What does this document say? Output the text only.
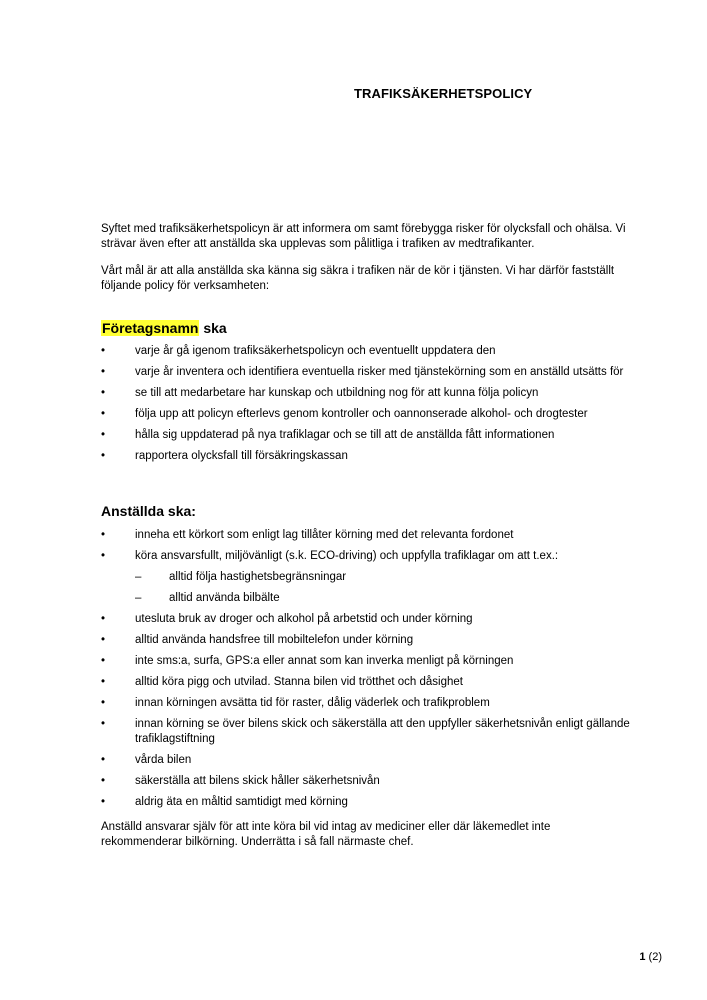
TRAFIKSÄKERHETSPOLICY

Syftet med trafiksäkerhetspolicyn är att informera om samt förebygga risker för olycksfall och ohälsa. Vi strävar även efter att anställda ska upplevas som pålitliga i trafiken av medtrafikanter.

Vårt mål är att alla anställda ska känna sig säkra i trafiken när de kör i tjänsten. Vi har därför fastställt följande policy för verksamheten:

Företagsnamn ska
•	varje år gå igenom trafiksäkerhetspolicyn och eventuellt uppdatera den
•	varje år inventera och identifiera eventuella risker med tjänstekörning som en anställd utsätts för
•	se till att medarbetare har kunskap och utbildning nog för att kunna följa policyn
•	följa upp att policyn efterlevs genom kontroller och oannonserade alkohol- och drogtester
•	hålla sig uppdaterad på nya trafiklagar och se till att de anställda fått informationen
•	rapportera olycksfall till försäkringskassan
Anställda ska:
•	inneha ett körkort som enligt lag tillåter körning med det relevanta fordonet
•	köra ansvarsfullt, miljövänligt (s.k. ECO-driving) och uppfylla trafiklagar om att t.ex.:
–	alltid följa hastighetsbegränsningar
–	alltid använda bilbälte
•	utesluta bruk av droger och alkohol på arbetstid och under körning
•	alltid använda handsfree till mobiltelefon under körning
•	inte sms:a, surfa, GPS:a eller annat som kan inverka menligt på körningen
•	alltid köra pigg och utvilad. Stanna bilen vid trötthet och dåsighet
•	innan körningen avsätta tid för raster, dålig väderlek och trafikproblem
•	innan körning se över bilens skick och säkerställa att den uppfyller säkerhetsnivån enligt gällande trafiklagstiftning
•	vårda bilen
•	säkerställa att bilens skick håller säkerhetsnivån
•	aldrig äta en måltid samtidigt med körning

Anställd ansvarar själv för att inte köra bil vid intag av mediciner eller där läkemedlet inte rekommenderar bilkörning. Underrätta i så fall närmaste chef.

1 (2)
